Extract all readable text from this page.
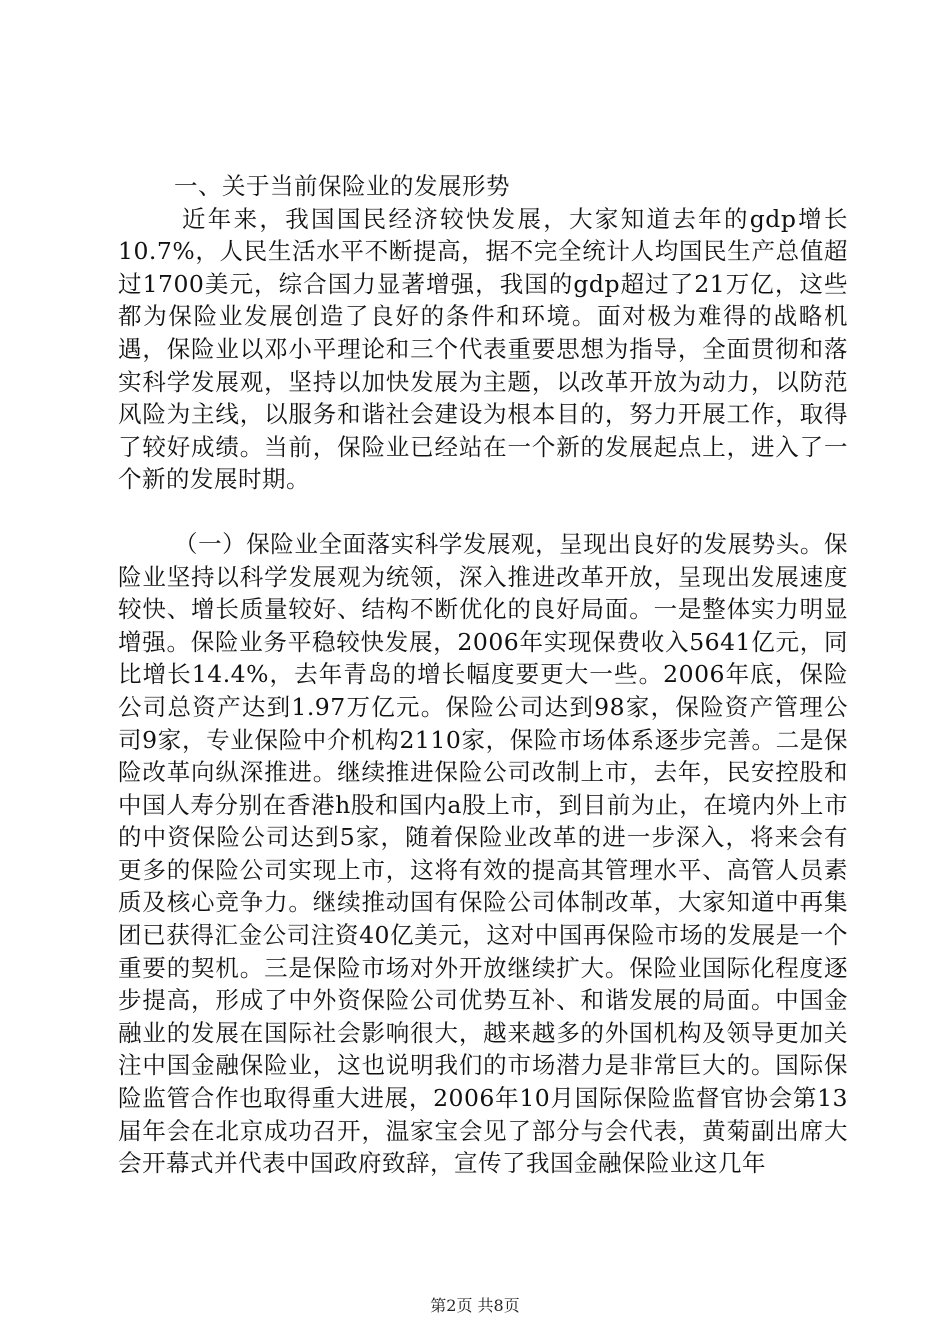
一、关于当前保险业的发展形势

近年来，我国国民经济较快发展，大家知道去年的gdp增长10.7%，人民生活水平不断提高，据不完全统计人均国民生产总值超过1700美元，综合国力显著增强，我国的gdp超过了21万亿，这些都为保险业发展创造了良好的条件和环境。面对极为难得的战略机遇，保险业以邓小平理论和三个代表重要思想为指导，全面贯彻和落实科学发展观，坚持以加快发展为主题，以改革开放为动力，以防范风险为主线，以服务和谐社会建设为根本目的，努力开展工作，取得了较好成绩。当前，保险业已经站在一个新的发展起点上，进入了一个新的发展时期。

（一）保险业全面落实科学发展观，呈现出良好的发展势头。保险业坚持以科学发展观为统领，深入推进改革开放，呈现出发展速度较快、增长质量较好、结构不断优化的良好局面。一是整体实力明显增强。保险业务平稳较快发展，2006年实现保费收入5641亿元，同比增长14.4%，去年青岛的增长幅度要更大一些。2006年底，保险公司总资产达到1.97万亿元。保险公司达到98家，保险资产管理公司9家，专业保险中介机构2110家，保险市场体系逐步完善。二是保险改革向纵深推进。继续推进保险公司改制上市，去年，民安控股和中国人寿分别在香港h股和国内a股上市，到目前为止，在境内外上市的中资保险公司达到5家，随着保险业改革的进一步深入，将来会有更多的保险公司实现上市，这将有效的提高其管理水平、高管人员素质及核心竞争力。继续推动国有保险公司体制改革，大家知道中再集团已获得汇金公司注资40亿美元，这对中国再保险市场的发展是一个重要的契机。三是保险市场对外开放继续扩大。保险业国际化程度逐步提高，形成了中外资保险公司优势互补、和谐发展的局面。中国金融业的发展在国际社会影响很大，越来越多的外国机构及领导更加关注中国金融保险业，这也说明我们的市场潜力是非常巨大的。国际保险监管合作也取得重大进展，2006年10月国际保险监督官协会第13届年会在北京成功召开，温家宝会见了部分与会代表，黄菊副出席大会开幕式并代表中国政府致辞，宣传了我国金融保险业这几年

第2页 共8页
